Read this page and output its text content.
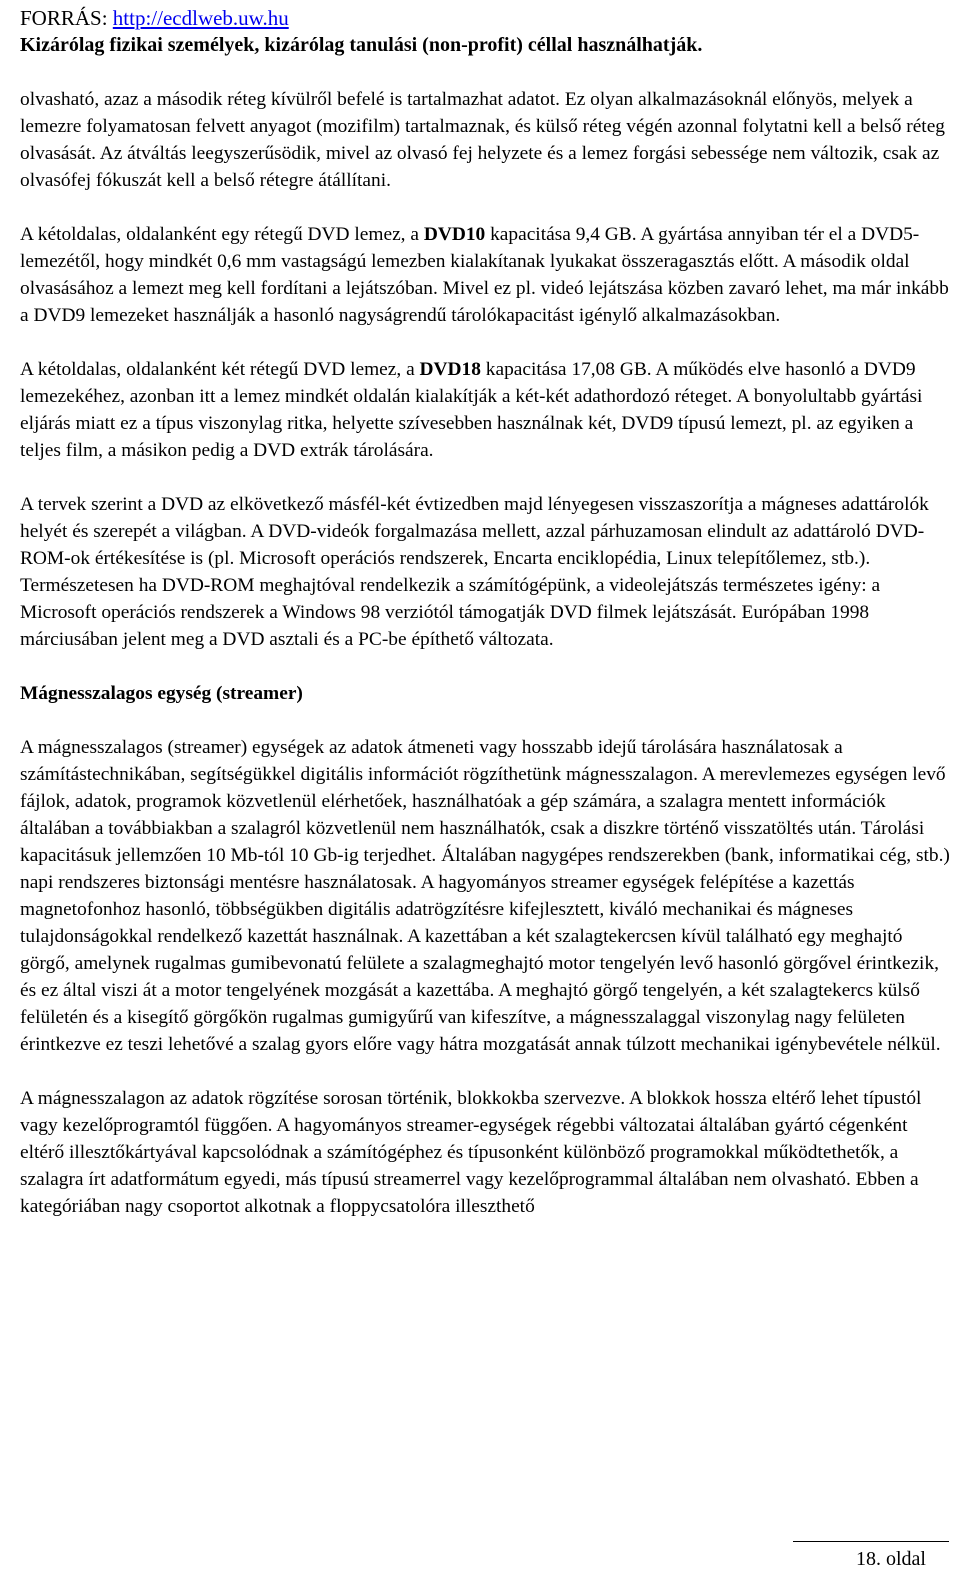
FORRÁS: http://ecdlweb.uw.hu
Kizárólag fizikai személyek, kizárólag tanulási (non-profit) céllal használhatják.

olvasható, azaz a második réteg kívülről befelé is tartalmazhat adatot. Ez olyan alkalmazásoknál előnyös, melyek a lemezre folyamatosan felvett anyagot (mozifilm) tartalmaznak, és külső réteg végén azonnal folytatni kell a belső réteg olvasását. Az átváltás leegyszerűsödik, mivel az olvasó fej helyzete és a lemez forgási sebessége nem változik, csak az olvasófej fókuszát kell a belső rétegre átállítani.

A kétoldalas, oldalanként egy rétegű DVD lemez, a DVD10 kapacitása 9,4 GB. A gyártása annyiban tér el a DVD5-lemezétől, hogy mindkét 0,6 mm vastagságú lemezben kialakítanak lyukakat összeragasztás előtt. A második oldal olvasásához a lemezt meg kell fordítani a lejátszóban. Mivel ez pl. videó lejátszása közben zavaró lehet, ma már inkább a DVD9 lemezeket használják a hasonló nagyságrendű tárolókapacitást igénylő alkalmazásokban.

A kétoldalas, oldalanként két rétegű DVD lemez, a DVD18 kapacitása 17,08 GB. A működés elve hasonló a DVD9 lemezekéhez, azonban itt a lemez mindkét oldalán kialakítják a két-két adathordozó réteget. A bonyolultabb gyártási eljárás miatt ez a típus viszonylag ritka, helyette szívesebben használnak két, DVD9 típusú lemezt, pl. az egyiken a teljes film, a másikon pedig a DVD extrák tárolására.

A tervek szerint a DVD az elkövetkező másfél-két évtizedben majd lényegesen visszaszorítja a mágneses adattárolók helyét és szerepét a világban. A DVD-videók forgalmazása mellett, azzal párhuzamosan elindult az adattároló DVD-ROM-ok értékesítése is (pl. Microsoft operációs rendszerek, Encarta enciklopédia, Linux telepítőlemez, stb.). Természetesen ha DVD-ROM meghajtóval rendelkezik a számítógépünk, a videolejátszás természetes igény: a Microsoft operációs rendszerek a Windows 98 verziótól támogatják DVD filmek lejátszását. Európában 1998 márciusában jelent meg a DVD asztali és a PC-be építhető változata.

Mágnesszalagos egység (streamer)

A mágnesszalagos (streamer) egységek az adatok átmeneti vagy hosszabb idejű tárolására használatosak a számítástechnikában, segítségükkel digitális információt rögzíthetünk mágnesszalagon. A merevlemezes egységen levő fájlok, adatok, programok közvetlenül elérhetőek, használhatóak a gép számára, a szalagra mentett információk általában a továbbiakban a szalagról közvetlenül nem használhatók, csak a diszkre történő visszatöltés után. Tárolási kapacitásuk jellemzően 10 Mb-tól 10 Gb-ig terjedhet. Általában nagygépes rendszerekben (bank, informatikai cég, stb.) napi rendszeres biztonsági mentésre használatosak. A hagyományos streamer egységek felépítése a kazettás magnetofonhoz hasonló, többségükben digitális adatrögzítésre kifejlesztett, kiváló mechanikai és mágneses tulajdonságokkal rendelkező kazettát használnak. A kazettában a két szalagtekercsen kívül található egy meghajtó görgő, amelynek rugalmas gumibevonatú felülete a szalagmeghajtó motor tengelyén levő hasonló görgővel érintkezik, és ez által viszi át a motor tengelyének mozgását a kazettába. A meghajtó görgő tengelyén, a két szalagtekercs külső felületén és a kisegítő görgőkön rugalmas gumigyűrű van kifeszítve, a mágnesszalaggal viszonylag nagy felületen érintkezve ez teszi lehetővé a szalag gyors előre vagy hátra mozgatását annak túlzott mechanikai igénybevétele nélkül.

A mágnesszalagon az adatok rögzítése sorosan történik, blokkokba szervezve. A blokkok hossza eltérő lehet típustól vagy kezelőprogramtól függően. A hagyományos streamer-egységek régebbi változatai általában gyártó cégenként eltérő illesztőkártyával kapcsolódnak a számítógéphez és típusonként különböző programokkal működtethetők, a szalagra írt adatformátum egyedi, más típusú streamerrel vagy kezelőprogrammal általában nem olvasható. Ebben a kategóriában nagy csoportot alkotnak a floppycsatolóra illeszthető

18. oldal
